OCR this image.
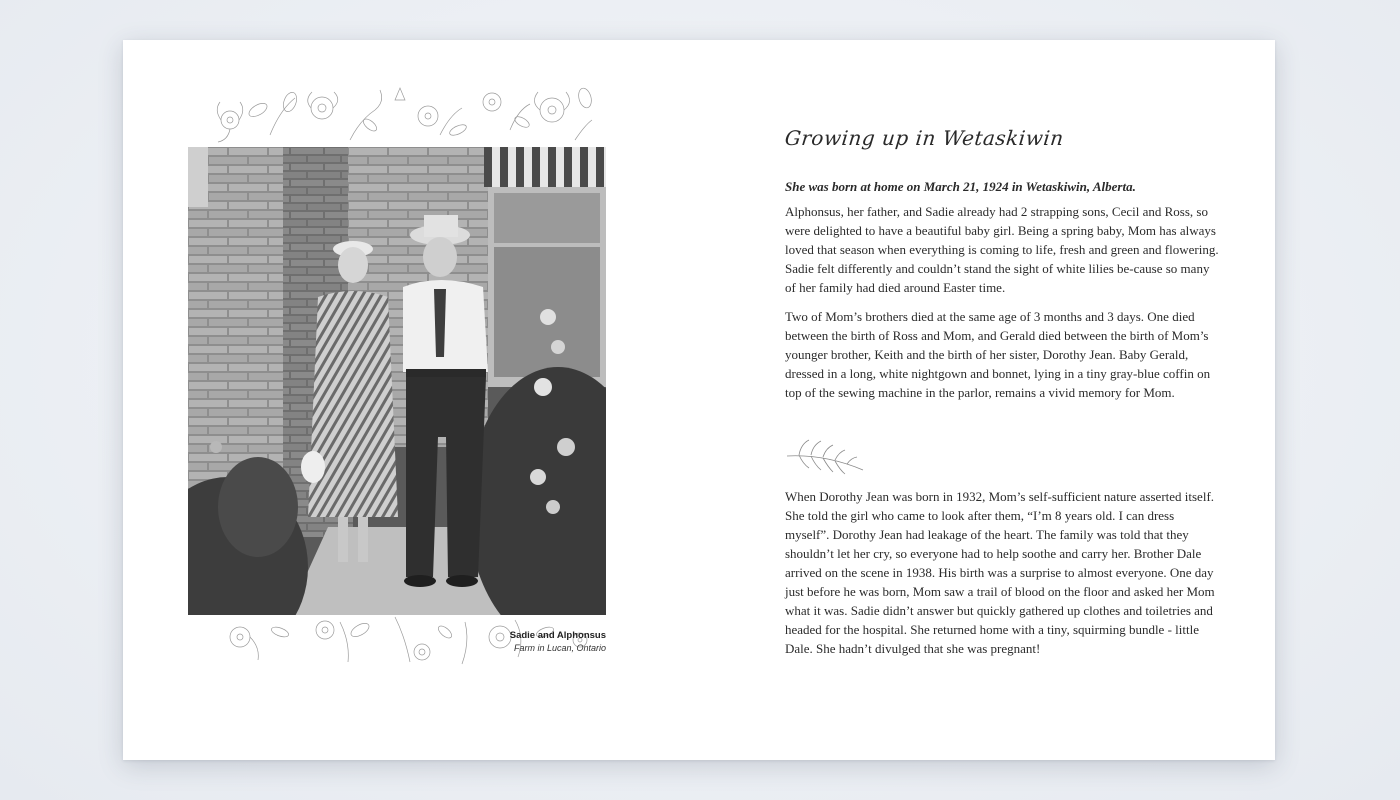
Sadie and Alphonsus
Farm in Lucan, Ontario
Growing up in Wetaskiwin

She was born at home on March 21, 1924 in Wetaskiwin, Alberta.

Alphonsus, her father, and Sadie already had 2 strapping sons, Cecil and Ross, so were delighted to have a beautiful baby girl. Being a spring baby, Mom has always loved that season when everything is coming to life, fresh and green and flowering. Sadie felt differently and couldn’t stand the sight of white lilies be-cause so many of her family had died around Easter time.

Two of Mom’s brothers died at the same age of 3 months and 3 days. One died between the birth of Ross and Mom, and Gerald died between the birth of Mom’s younger brother, Keith and the birth of her sister, Dorothy Jean. Baby Gerald, dressed in a long, white nightgown and bonnet, lying in a tiny gray-blue coffin on top of the sewing machine in the parlor, remains a vivid memory for Mom.

When Dorothy Jean was born in 1932, Mom’s self-sufficient nature asserted itself. She told the girl who came to look after them, “I’m 8 years old. I can dress myself”. Dorothy Jean had leakage of the heart. The family was told that they shouldn’t let her cry, so everyone had to help soothe and carry her. Brother Dale arrived on the scene in 1938. His birth was a surprise to almost everyone. One day just before he was born, Mom saw a trail of blood on the floor and asked her Mom what it was. Sadie didn’t answer but quickly gathered up clothes and toiletries and headed for the hospital. She returned home with a tiny, squirming bundle - little Dale. She hadn’t divulged that she was pregnant!
